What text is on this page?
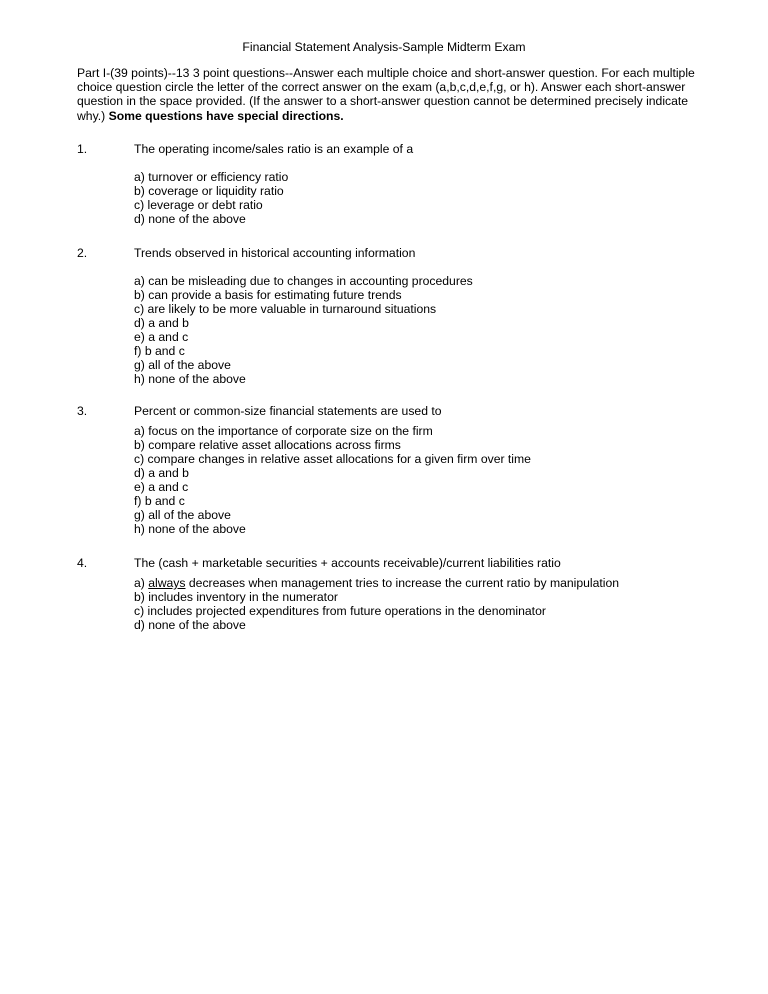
Financial Statement Analysis-Sample Midterm Exam
Part I-(39 points)--13 3 point questions--Answer each multiple choice and short-answer question. For each multiple choice question circle the letter of the correct answer on the exam (a,b,c,d,e,f,g, or h). Answer each short-answer question in the space provided. (If the answer to a short-answer question cannot be determined precisely indicate why.) Some questions have special directions.
1.	The operating income/sales ratio is an example of a
a) turnover or efficiency ratio
b) coverage or liquidity ratio
c) leverage or debt ratio
d) none of the above
2.	Trends observed in historical accounting information
a) can be misleading due to changes in accounting procedures
b) can provide a basis for estimating future trends
c) are likely to be more valuable in turnaround situations
d) a and b
e) a and c
f) b and c
g) all of the above
h) none of the above
3.	Percent or common-size financial statements are used to
a) focus on the importance of corporate size on the firm
b) compare relative asset allocations across firms
c) compare changes in relative asset allocations for a given firm over time
d) a and b
e) a and c
f) b and c
g) all of the above
h) none of the above
4.	The (cash + marketable securities + accounts receivable)/current liabilities ratio
a) always decreases when management tries to increase the current ratio by manipulation
b) includes inventory in the numerator
c) includes projected expenditures from future operations in the denominator
d) none of the above
